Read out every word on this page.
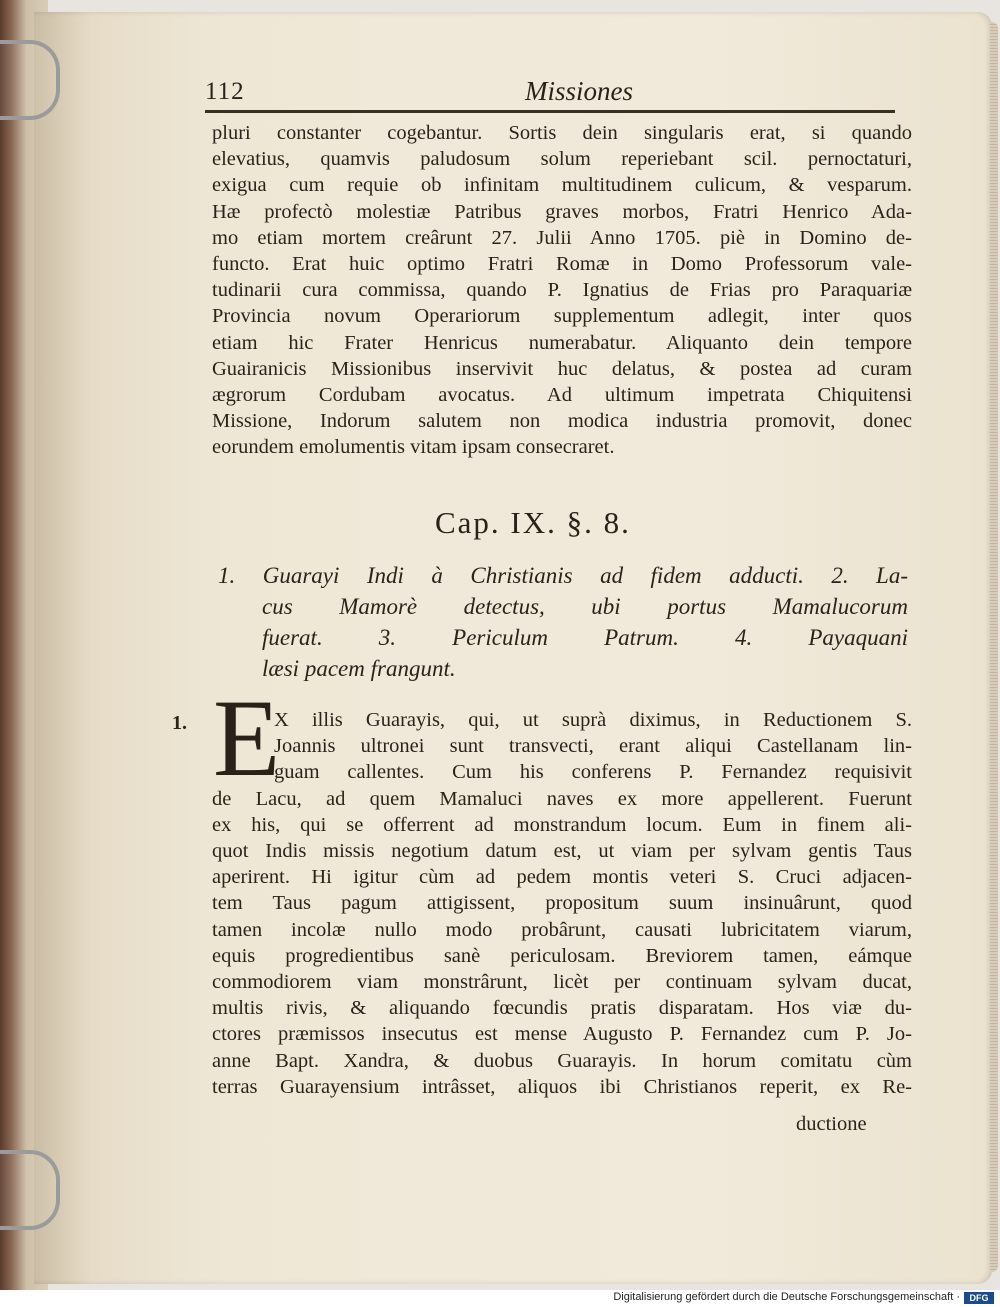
112	Missiones
pluri constanter cogebantur. Sortis dein singularis erat, si quando
elevatius, quamvis paludosum solum reperiebant scil. pernoctaturi,
exigua cum requie ob infinitam multitudinem culicum, & vesparum.
Hæ profectò molestiæ Patribus graves morbos, Fratri Henrico Ada-
mo etiam mortem creârunt 27. Julii Anno 1705. piè in Domino de-
functo. Erat huic optimo Fratri Romæ in Domo Professorum vale-
tudinarii cura commissa, quando P. Ignatius de Frias pro Paraquariæ
Provincia novum Operariorum supplementum adlegit, inter quos
etiam hic Frater Henricus numerabatur. Aliquanto dein tempore
Guairanicis Missionibus inservivit huc delatus, & postea ad curam
ægrorum Cordubam avocatus. Ad ultimum impetrata Chiquitensi
Missione, Indorum salutem non modica industria promovit, donec
eorundem emolumentis vitam ipsam consecraret.
Cap. IX. §. 8.
1. Guarayi Indi à Christianis ad fidem adducti. 2. La-
cus Mamorè detectus, ubi portus Mamalucorum
fuerat. 3. Periculum Patrum. 4. Payaquani
læsi pacem frangunt.
1. E
X illis Guarayis, qui, ut suprà diximus, in Reductionem S.
Joannis ultronei sunt transvecti, erant aliqui Castellanam lin-
guam callentes. Cum his conferens P. Fernandez requisivit
de Lacu, ad quem Mamaluci naves ex more appellerent. Fuerunt
ex his, qui se offerrent ad monstrandum locum. Eum in finem ali-
quot Indis missis negotium datum est, ut viam per sylvam gentis Taus
aperirent. Hi igitur cùm ad pedem montis veteri S. Cruci adjacen-
tem Taus pagum attigissent, propositum suum insinuârunt, quod
tamen incolæ nullo modo probârunt, causati lubricitatem viarum,
equis progredientibus sanè periculosam. Breviorem tamen, eámque
commodiorem viam monstrârunt, licèt per continuam sylvam ducat,
multis rivis, & aliquando fœcundis pratis disparatam. Hos viæ du-
ctores præmissos insecutus est mense Augusto P. Fernandez cum P. Jo-
anne Bapt. Xandra, & duobus Guarayis. In horum comitatu cùm
terras Guarayensium intrâsset, aliquos ibi Christianos reperit, ex Re-
ductione
Digitalisierung gefördert durch die Deutsche Forschungsgemeinschaft ·	DFG
